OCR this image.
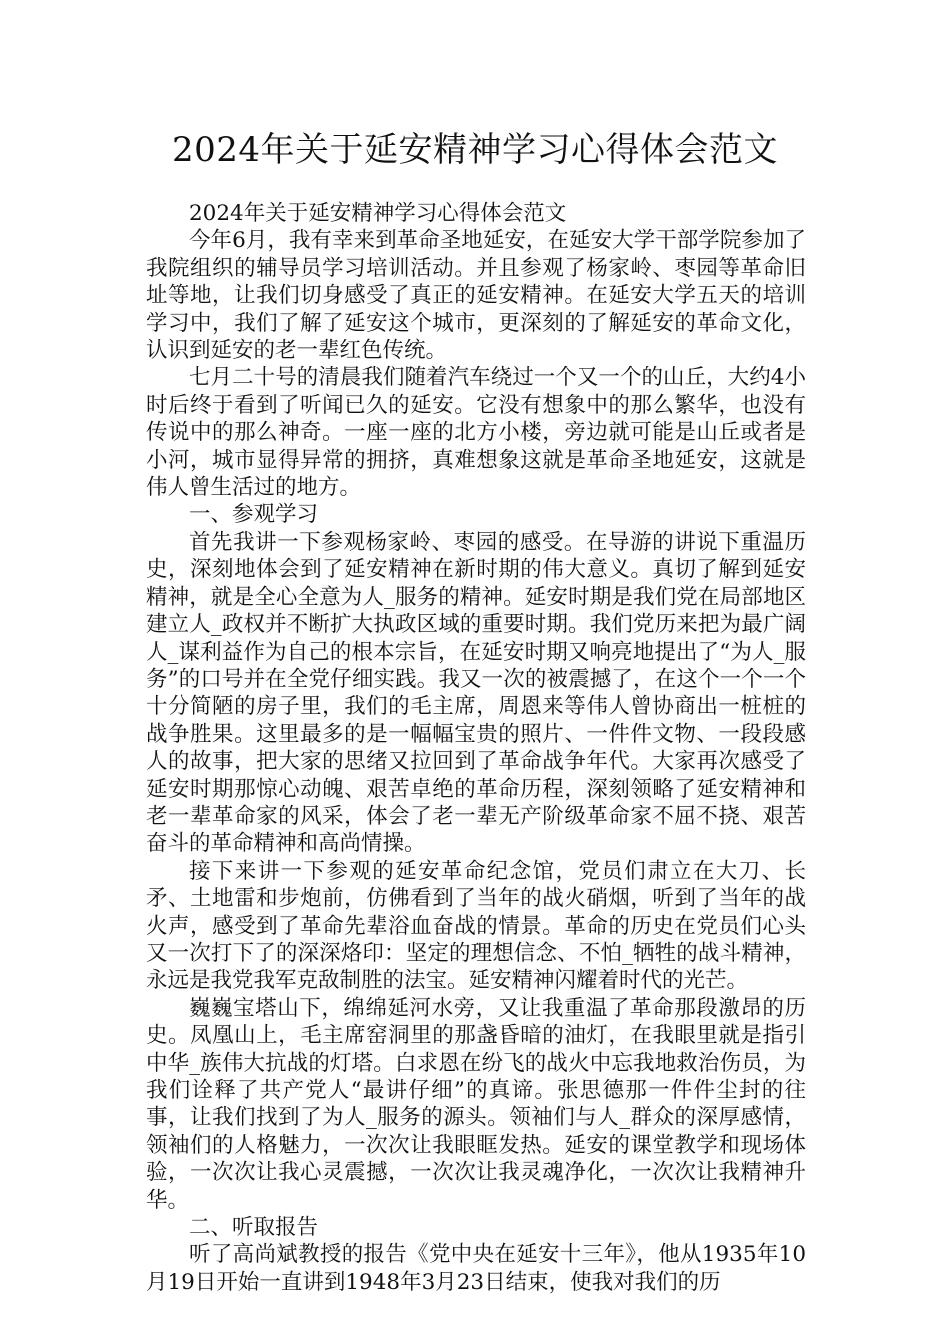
2024年关于延安精神学习心得体会范文

2024年关于延安精神学习心得体会范文

今年6月，我有幸来到革命圣地延安，在延安大学干部学院参加了我院组织的辅导员学习培训活动。并且参观了杨家岭、枣园等革命旧址等地，让我们切身感受了真正的延安精神。在延安大学五天的培训学习中，我们了解了延安这个城市，更深刻的了解延安的革命文化，认识到延安的老一辈红色传统。

七月二十号的清晨我们随着汽车绕过一个又一个的山丘，大约4小时后终于看到了听闻已久的延安。它没有想象中的那么繁华，也没有传说中的那么神奇。一座一座的北方小楼，旁边就可能是山丘或者是小河，城市显得异常的拥挤，真难想象这就是革命圣地延安，这就是伟人曾生活过的地方。

一、参观学习

首先我讲一下参观杨家岭、枣园的感受。在导游的讲说下重温历史，深刻地体会到了延安精神在新时期的伟大意义。真切了解到延安精神，就是全心全意为人_服务的精神。延安时期是我们党在局部地区建立人_政权并不断扩大执政区域的重要时期。我们党历来把为最广阔人_谋利益作为自己的根本宗旨，在延安时期又响亮地提出了“为人_服务”的口号并在全党仔细实践。我又一次的被震撼了，在这个一个一个十分简陋的房子里，我们的毛主席，周恩来等伟人曾协商出一桩桩的战争胜果。这里最多的是一幅幅宝贵的照片、一件件文物、一段段感人的故事，把大家的思绪又拉回到了革命战争年代。大家再次感受了延安时期那惊心动魄、艰苦卓绝的革命历程，深刻领略了延安精神和老一辈革命家的风采，体会了老一辈无产阶级革命家不屈不挠、艰苦奋斗的革命精神和高尚情操。

接下来讲一下参观的延安革命纪念馆，党员们肃立在大刀、长矛、土地雷和步炮前，仿佛看到了当年的战火硝烟，听到了当年的战火声，感受到了革命先辈浴血奋战的情景。革命的历史在党员们心头又一次打下了的深深烙印：坚定的理想信念、不怕_牺牲的战斗精神，永远是我党我军克敌制胜的法宝。延安精神闪耀着时代的光芒。

巍巍宝塔山下，绵绵延河水旁，又让我重温了革命那段激昂的历史。凤凰山上，毛主席窑洞里的那盏昏暗的油灯，在我眼里就是指引中华_族伟大抗战的灯塔。白求恩在纷飞的战火中忘我地救治伤员，为我们诠释了共产党人“最讲仔细”的真谛。张思德那一件件尘封的往事，让我们找到了为人_服务的源头。领袖们与人_群众的深厚感情，领袖们的人格魅力，一次次让我眼眶发热。延安的课堂教学和现场体验，一次次让我心灵震撼，一次次让我灵魂净化，一次次让我精神升华。

二、听取报告

听了高尚斌教授的报告《党中央在延安十三年》，他从1935年10月19日开始一直讲到1948年3月23日结束，使我对我们的历
